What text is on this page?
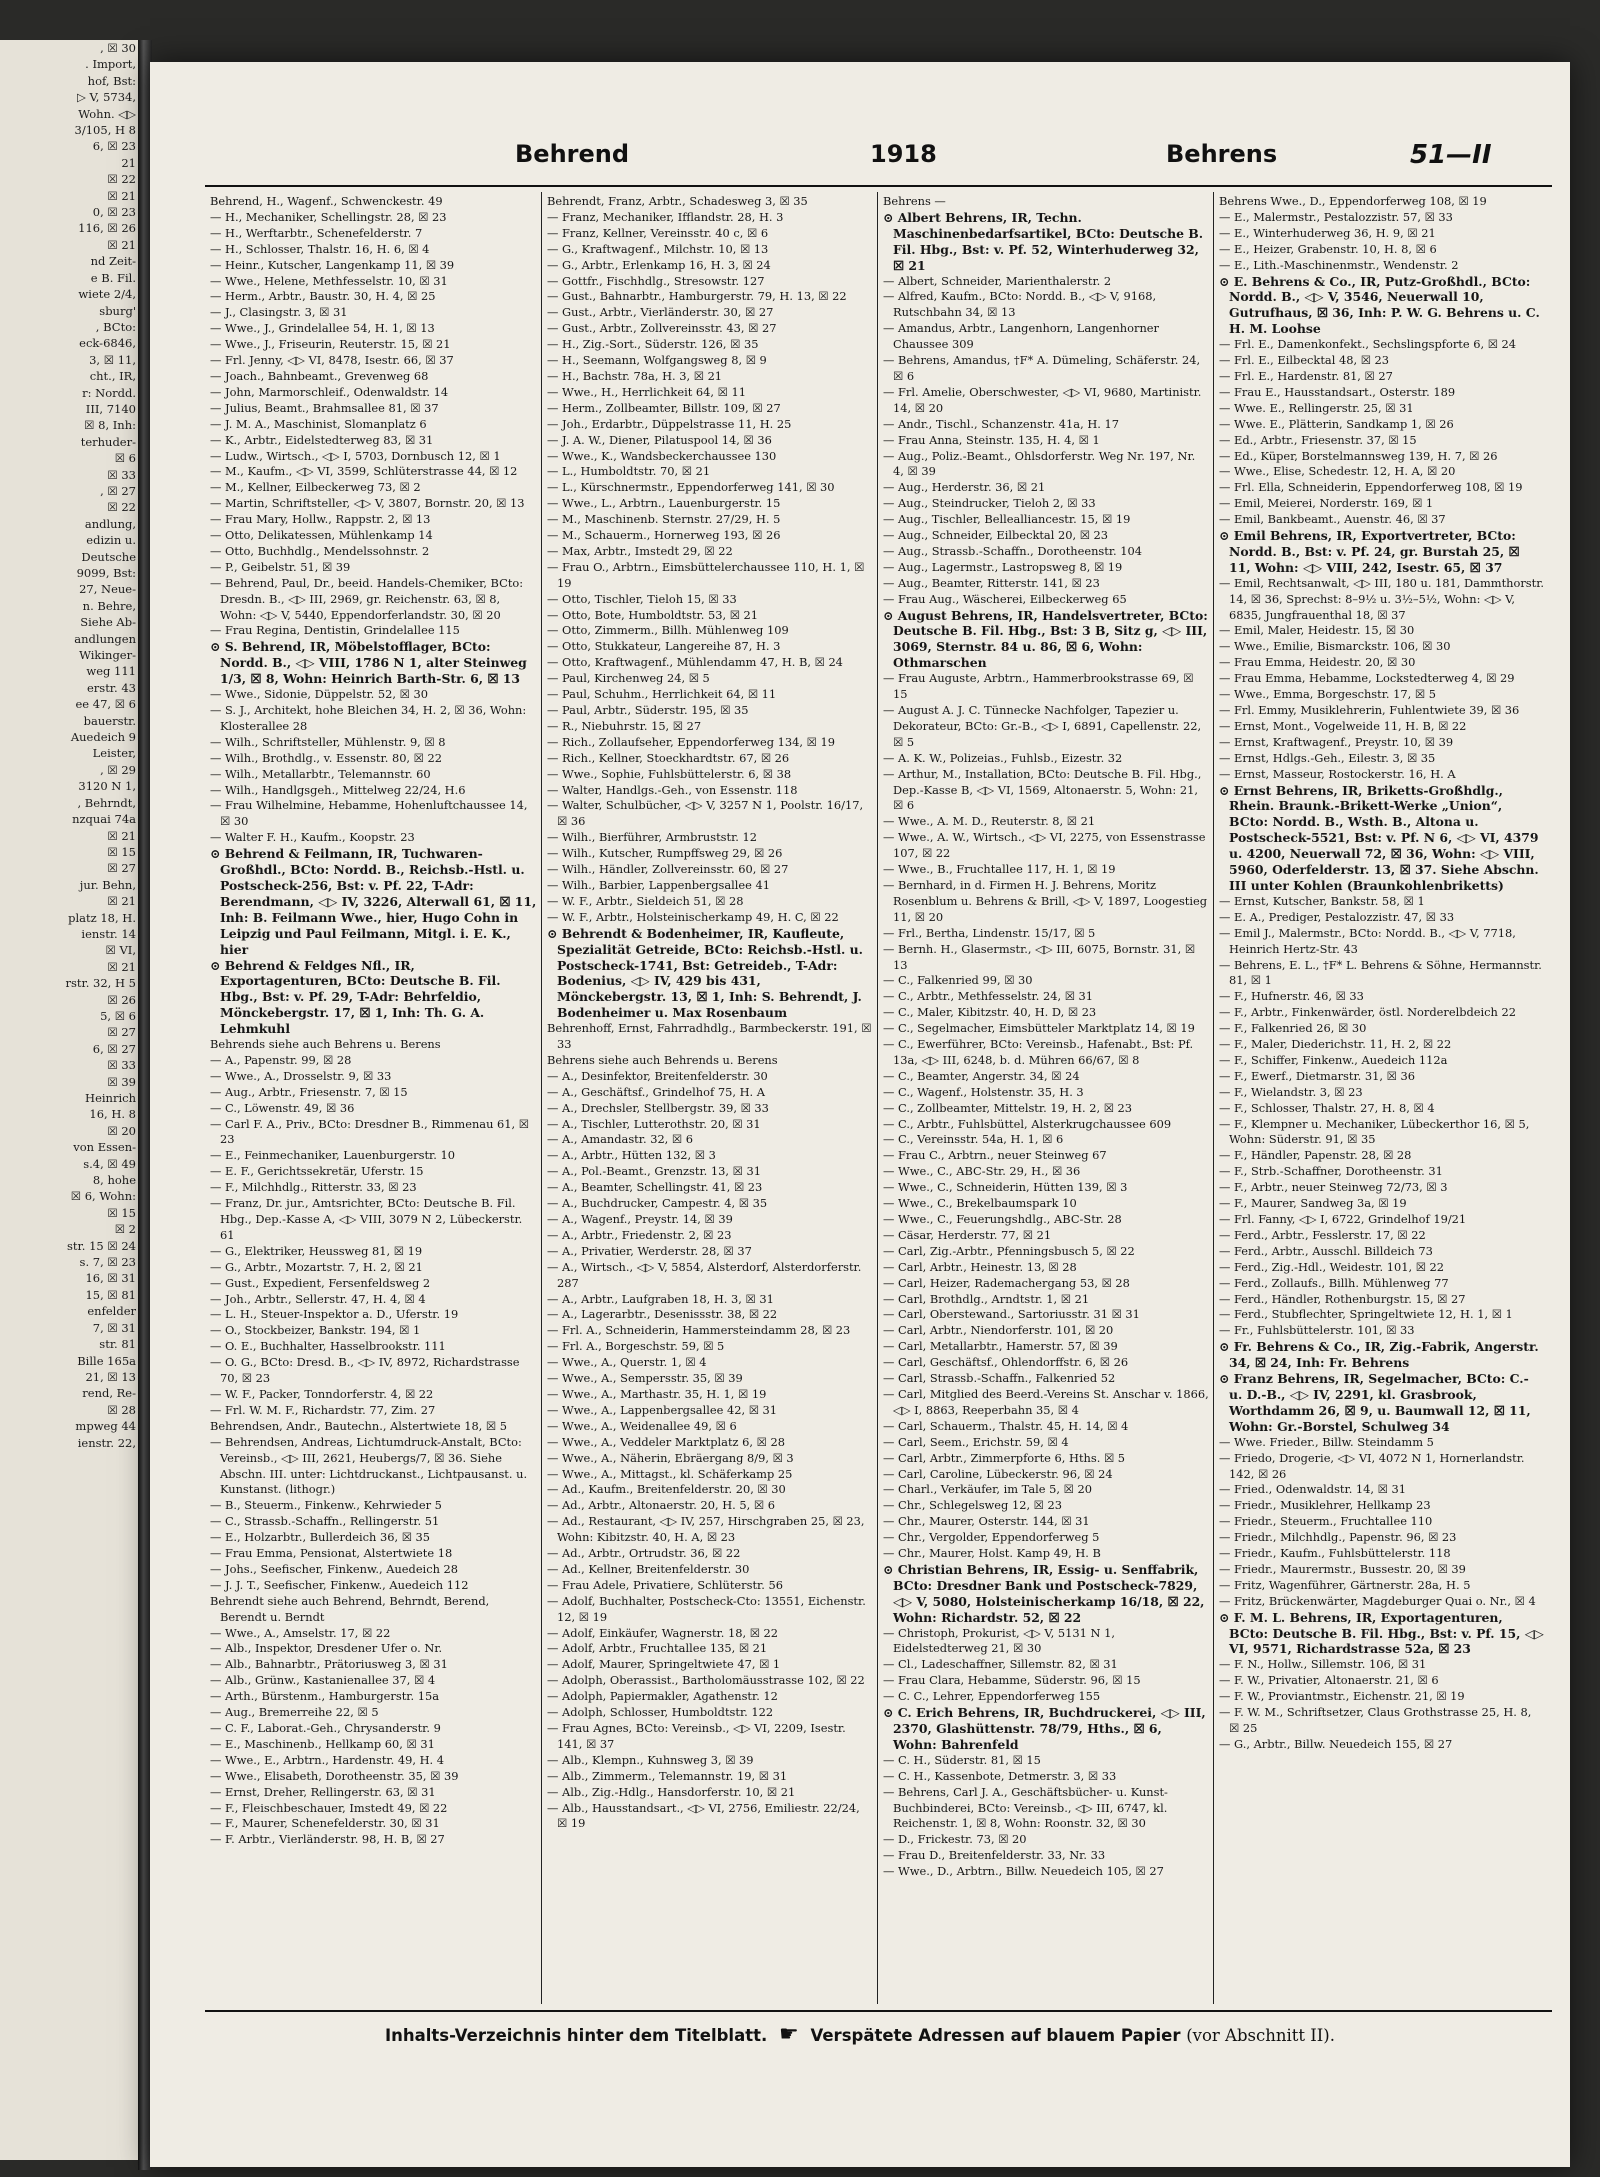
, ☒ 30
. Import,
hof, Bst:
▷ V, 5734,
Wohn. ◁▷
3/105, H 8
6, ☒ 23
21
☒ 22
☒ 21
0, ☒ 23
116, ☒ 26
☒ 21
nd Zeit-
e B. Fil.
wiete 2/4,
sburg'
, BCto:
eck-6846,
3, ☒ 11,
cht., IR,
r: Nordd.
III, 7140
☒ 8, Inh:
terhuder-
☒ 6
☒ 33
, ☒ 27
☒ 22
andlung,
edizin u.
Deutsche
9099, Bst:
27, Neue-
n. Behre,
Siehe Ab-
andlungen
Wikinger-
weg 111
erstr. 43
ee 47, ☒ 6
bauerstr.
Auedeich 9
Leister,
, ☒ 29
3120 N 1,
, Behrndt,
nzquai 74a
☒ 21
☒ 15
☒ 27
jur. Behn,
☒ 21
platz 18, H.
ienstr. 14
☒ VI,
☒ 21
rstr. 32, H 5
☒ 26
5, ☒ 6
☒ 27
6, ☒ 27
☒ 33
☒ 39
Heinrich
16, H. 8
☒ 20
von Essen-
s.4, ☒ 49
8, hohe
☒ 6, Wohn:
☒ 15
☒ 2
str. 15 ☒ 24
s. 7, ☒ 23
16, ☒ 31
15, ☒ 81
enfelder
7, ☒ 31
str. 81
Bille 165a
21, ☒ 13
rend, Re-
☒ 28
mpweg 44
ienstr. 22,
Behrend	1918	Behrens	51—II
Behrend, H., Wagenf., Schwenckestr. 49
— H., Mechaniker, Schellingstr. 28, ☒ 23
— H., Werftarbtr., Schenefelderstr. 7
— H., Schlosser, Thalstr. 16, H. 6, ☒ 4
— Heinr., Kutscher, Langenkamp 11, ☒ 39
— Wwe., Helene, Methfesselstr. 10, ☒ 31
— Herm., Arbtr., Baustr. 30, H. 4, ☒ 25
— J., Clasingstr. 3, ☒ 31
— Wwe., J., Grindelallee 54, H. 1, ☒ 13
— Wwe., J., Friseurin, Reuterstr. 15, ☒ 21
— Frl. Jenny, ◁▷ VI, 8478, Isestr. 66, ☒ 37
— Joach., Bahnbeamt., Grevenweg 68
— John, Marmorschleif., Odenwaldstr. 14
— Julius, Beamt., Brahmsallee 81, ☒ 37
— J. M. A., Maschinist, Slomanplatz 6
— K., Arbtr., Eidelstedterweg 83, ☒ 31
— Ludw., Wirtsch., ◁▷ I, 5703, Dornbusch 12, ☒ 1
— M., Kaufm., ◁▷ VI, 3599, Schlüterstrasse 44, ☒ 12
— M., Kellner, Eilbeckerweg 73, ☒ 2
— Martin, Schriftsteller, ◁▷ V, 3807, Bornstr. 20, ☒ 13
— Frau Mary, Hollw., Rappstr. 2, ☒ 13
— Otto, Delikatessen, Mühlenkamp 14
— Otto, Buchhdlg., Mendelssohnstr. 2
— P., Geibelstr. 51, ☒ 39
— Behrend, Paul, Dr., beeid. Handels-Chemiker, BCto: Dresdn. B., ◁▷ III, 2969, gr. Reichenstr. 63, ☒ 8, Wohn: ◁▷ V, 5440, Eppendorferlandstr. 30, ☒ 20
— Frau Regina, Dentistin, Grindelallee 115
⊙ S. Behrend, IR, Möbelstofflager, BCto: Nordd. B., ◁▷ VIII, 1786 N 1, alter Steinweg 1/3, ☒ 8, Wohn: Heinrich Barth-Str. 6, ☒ 13
— Wwe., Sidonie, Düppelstr. 52, ☒ 30
— S. J., Architekt, hohe Bleichen 34, H. 2, ☒ 36, Wohn: Klosterallee 28
— Wilh., Schriftsteller, Mühlenstr. 9, ☒ 8
— Wilh., Brothdlg., v. Essenstr. 80, ☒ 22
— Wilh., Metallarbtr., Telemannstr. 60
— Wilh., Handlgsgeh., Mittelweg 22/24, H.6
— Frau Wilhelmine, Hebamme, Hohenluftchaussee 14, ☒ 30
— Walter F. H., Kaufm., Koopstr. 23
⊙ Behrend & Feilmann, IR, Tuchwaren-Großhdl., BCto: Nordd. B., Reichsb.-Hstl. u. Postscheck-256, Bst: v. Pf. 22, T-Adr: Berendmann, ◁▷ IV, 3226, Alterwall 61, ☒ 11, Inh: B. Feilmann Wwe., hier, Hugo Cohn in Leipzig und Paul Feilmann, Mitgl. i. E. K., hier
⊙ Behrend & Feldges Nfl., IR, Exportagenturen, BCto: Deutsche B. Fil. Hbg., Bst: v. Pf. 29, T-Adr: Behrfeldio, Mönckebergstr. 17, ☒ 1, Inh: Th. G. A. Lehmkuhl
Behrends siehe auch Behrens u. Berens
— A., Papenstr. 99, ☒ 28
— Wwe., A., Drosselstr. 9, ☒ 33
— Aug., Arbtr., Friesenstr. 7, ☒ 15
— C., Löwenstr. 49, ☒ 36
— Carl F. A., Priv., BCto: Dresdner B., Rimmenau 61, ☒ 23
— E., Feinmechaniker, Lauenburgerstr. 10
— E. F., Gerichtssekretär, Uferstr. 15
— F., Milchhdlg., Ritterstr. 33, ☒ 23
— Franz, Dr. jur., Amtsrichter, BCto: Deutsche B. Fil. Hbg., Dep.-Kasse A, ◁▷ VIII, 3079 N 2, Lübeckerstr. 61
— G., Elektriker, Heussweg 81, ☒ 19
— G., Arbtr., Mozartstr. 7, H. 2, ☒ 21
— Gust., Expedient, Fersenfeldsweg 2
— Joh., Arbtr., Sellerstr. 47, H. 4, ☒ 4
— L. H., Steuer-Inspektor a. D., Uferstr. 19
— O., Stockbeizer, Bankstr. 194, ☒ 1
— O. E., Buchhalter, Hasselbrookstr. 111
— O. G., BCto: Dresd. B., ◁▷ IV, 8972, Richardstrasse 70, ☒ 23
— W. F., Packer, Tonndorferstr. 4, ☒ 22
— Frl. W. M. F., Richardstr. 77, Zim. 27
Behrendsen, Andr., Bautechn., Alstertwiete 18, ☒ 5
— Behrendsen, Andreas, Lichtumdruck-Anstalt, BCto: Vereinsb., ◁▷ III, 2621, Heubergs/7, ☒ 36. Siehe Abschn. III. unter: Lichtdruckanst., Lichtpausanst. u. Kunstanst. (lithogr.)
— B., Steuerm., Finkenw., Kehrwieder 5
— C., Strassb.-Schaffn., Rellingerstr. 51
— E., Holzarbtr., Bullerdeich 36, ☒ 35
— Frau Emma, Pensionat, Alstertwiete 18
— Johs., Seefischer, Finkenw., Auedeich 28
— J. J. T., Seefischer, Finkenw., Auedeich 112
Behrendt siehe auch Behrend, Behrndt, Berend, Berendt u. Berndt
— Wwe., A., Amselstr. 17, ☒ 22
— Alb., Inspektor, Dresdener Ufer o. Nr.
— Alb., Bahnarbtr., Prätoriusweg 3, ☒ 31
— Alb., Grünw., Kastanienallee 37, ☒ 4
— Arth., Bürstenm., Hamburgerstr. 15a
— Aug., Bremerreihe 22, ☒ 5
— C. F., Laborat.-Geh., Chrysanderstr. 9
— E., Maschinenb., Hellkamp 60, ☒ 31
— Wwe., E., Arbtrn., Hardenstr. 49, H. 4
— Wwe., Elisabeth, Dorotheenstr. 35, ☒ 39
— Ernst, Dreher, Rellingerstr. 63, ☒ 31
— F., Fleischbeschauer, Imstedt 49, ☒ 22
— F., Maurer, Schenefelderstr. 30, ☒ 31
— F. Arbtr., Vierländerstr. 98, H. B, ☒ 27
Behrendt, Franz, Arbtr., Schadesweg 3, ☒ 35
— Franz, Mechaniker, Ifflandstr. 28, H. 3
— Franz, Kellner, Vereinsstr. 40 c, ☒ 6
— G., Kraftwagenf., Milchstr. 10, ☒ 13
— G., Arbtr., Erlenkamp 16, H. 3, ☒ 24
— Gottfr., Fischhdlg., Stresowstr. 127
— Gust., Bahnarbtr., Hamburgerstr. 79, H. 13, ☒ 22
— Gust., Arbtr., Vierländerstr. 30, ☒ 27
— Gust., Arbtr., Zollvereinsstr. 43, ☒ 27
— H., Zig.-Sort., Süderstr. 126, ☒ 35
— H., Seemann, Wolfgangsweg 8, ☒ 9
— H., Bachstr. 78a, H. 3, ☒ 21
— Wwe., H., Herrlichkeit 64, ☒ 11
— Herm., Zollbeamter, Billstr. 109, ☒ 27
— Joh., Erdarbtr., Düppelstrasse 11, H. 25
— J. A. W., Diener, Pilatuspool 14, ☒ 36
— Wwe., K., Wandsbeckerchaussee 130
— L., Humboldtstr. 70, ☒ 21
— L., Kürschnermstr., Eppendorferweg 141, ☒ 30
— Wwe., L., Arbtrn., Lauenburgerstr. 15
— M., Maschinenb. Sternstr. 27/29, H. 5
— M., Schauerm., Hornerweg 193, ☒ 26
— Max, Arbtr., Imstedt 29, ☒ 22
— Frau O., Arbtrn., Eimsbüttelerchaussee 110, H. 1, ☒ 19
— Otto, Tischler, Tieloh 15, ☒ 33
— Otto, Bote, Humboldtstr. 53, ☒ 21
— Otto, Zimmerm., Billh. Mühlenweg 109
— Otto, Stukkateur, Langereihe 87, H. 3
— Otto, Kraftwagenf., Mühlendamm 47, H. B, ☒ 24
— Paul, Kirchenweg 24, ☒ 5
— Paul, Schuhm., Herrlichkeit 64, ☒ 11
— Paul, Arbtr., Süderstr. 195, ☒ 35
— R., Niebuhrstr. 15, ☒ 27
— Rich., Zollaufseher, Eppendorferweg 134, ☒ 19
— Rich., Kellner, Stoeckhardtstr. 67, ☒ 26
— Wwe., Sophie, Fuhlsbüttelerstr. 6, ☒ 38
— Walter, Handlgs.-Geh., von Essenstr. 118
— Walter, Schulbücher, ◁▷ V, 3257 N 1, Poolstr. 16/17, ☒ 36
— Wilh., Bierführer, Armbruststr. 12
— Wilh., Kutscher, Rumpffsweg 29, ☒ 26
— Wilh., Händler, Zollvereinsstr. 60, ☒ 27
— Wilh., Barbier, Lappenbergsallee 41
— W. F., Arbtr., Sieldeich 51, ☒ 28
— W. F., Arbtr., Holsteinischerkamp 49, H. C, ☒ 22
⊙ Behrendt & Bodenheimer, IR, Kaufleute, Spezialität Getreide, BCto: Reichsb.-Hstl. u. Postscheck-1741, Bst: Getreideb., T-Adr: Bodenius, ◁▷ IV, 429 bis 431, Mönckebergstr. 13, ☒ 1, Inh: S. Behrendt, J. Bodenheimer u. Max Rosenbaum
Behrenhoff, Ernst, Fahrradhdlg., Barmbeckerstr. 191, ☒ 33
Behrens siehe auch Behrends u. Berens
— A., Desinfektor, Breitenfelderstr. 30
— A., Geschäftsf., Grindelhof 75, H. A
— A., Drechsler, Stellbergstr. 39, ☒ 33
— A., Tischler, Lutterothstr. 20, ☒ 31
— A., Amandastr. 32, ☒ 6
— A., Arbtr., Hütten 132, ☒ 3
— A., Pol.-Beamt., Grenzstr. 13, ☒ 31
— A., Beamter, Schellingstr. 41, ☒ 23
— A., Buchdrucker, Campestr. 4, ☒ 35
— A., Wagenf., Preystr. 14, ☒ 39
— A., Arbtr., Friedenstr. 2, ☒ 23
— A., Privatier, Werderstr. 28, ☒ 37
— A., Wirtsch., ◁▷ V, 5854, Alsterdorf, Alsterdorferstr. 287
— A., Arbtr., Laufgraben 18, H. 3, ☒ 31
— A., Lagerarbtr., Desenissstr. 38, ☒ 22
— Frl. A., Schneiderin, Hammersteindamm 28, ☒ 23
— Frl. A., Borgeschstr. 59, ☒ 5
— Wwe., A., Querstr. 1, ☒ 4
— Wwe., A., Sempersstr. 35, ☒ 39
— Wwe., A., Marthastr. 35, H. 1, ☒ 19
— Wwe., A., Lappenbergsallee 42, ☒ 31
— Wwe., A., Weidenallee 49, ☒ 6
— Wwe., A., Veddeler Marktplatz 6, ☒ 28
— Wwe., A., Näherin, Ebräergang 8/9, ☒ 3
— Wwe., A., Mittagst., kl. Schäferkamp 25
— Ad., Kaufm., Breitenfelderstr. 20, ☒ 30
— Ad., Arbtr., Altonaerstr. 20, H. 5, ☒ 6
— Ad., Restaurant, ◁▷ IV, 257, Hirschgraben 25, ☒ 23, Wohn: Kibitzstr. 40, H. A, ☒ 23
— Ad., Arbtr., Ortrudstr. 36, ☒ 22
— Ad., Kellner, Breitenfelderstr. 30
— Frau Adele, Privatiere, Schlüterstr. 56
— Adolf, Buchhalter, Postscheck-Cto: 13551, Eichenstr. 12, ☒ 19
— Adolf, Einkäufer, Wagnerstr. 18, ☒ 22
— Adolf, Arbtr., Fruchtallee 135, ☒ 21
— Adolf, Maurer, Springeltwiete 47, ☒ 1
— Adolph, Oberassist., Bartholomäusstrasse 102, ☒ 22
— Adolph, Papiermakler, Agathenstr. 12
— Adolph, Schlosser, Humboldtstr. 122
— Frau Agnes, BCto: Vereinsb., ◁▷ VI, 2209, Isestr. 141, ☒ 37
— Alb., Klempn., Kuhnsweg 3, ☒ 39
— Alb., Zimmerm., Telemannstr. 19, ☒ 31
— Alb., Zig.-Hdlg., Hansdorferstr. 10, ☒ 21
— Alb., Hausstandsart., ◁▷ VI, 2756, Emiliestr. 22/24, ☒ 19
Behrens —
⊙ Albert Behrens, IR, Techn. Maschinenbedarfsartikel, BCto: Deutsche B. Fil. Hbg., Bst: v. Pf. 52, Winterhuderweg 32, ☒ 21
— Albert, Schneider, Marienthalerstr. 2
— Alfred, Kaufm., BCto: Nordd. B., ◁▷ V, 9168, Rutschbahn 34, ☒ 13
— Amandus, Arbtr., Langenhorn, Langenhorner Chaussee 309
— Behrens, Amandus, †F* A. Dümeling, Schäferstr. 24, ☒ 6
— Frl. Amelie, Oberschwester, ◁▷ VI, 9680, Martinistr. 14, ☒ 20
— Andr., Tischl., Schanzenstr. 41a, H. 17
— Frau Anna, Steinstr. 135, H. 4, ☒ 1
— Aug., Poliz.-Beamt., Ohlsdorferstr. Weg Nr. 197, Nr. 4, ☒ 39
— Aug., Herderstr. 36, ☒ 21
— Aug., Steindrucker, Tieloh 2, ☒ 33
— Aug., Tischler, Bellealliancestr. 15, ☒ 19
— Aug., Schneider, Eilbecktal 20, ☒ 23
— Aug., Strassb.-Schaffn., Dorotheenstr. 104
— Aug., Lagermstr., Lastropsweg 8, ☒ 19
— Aug., Beamter, Ritterstr. 141, ☒ 23
— Frau Aug., Wäscherei, Eilbeckerweg 65
⊙ August Behrens, IR, Handelsvertreter, BCto: Deutsche B. Fil. Hbg., Bst: 3 B, Sitz g, ◁▷ III, 3069, Sternstr. 84 u. 86, ☒ 6, Wohn: Othmarschen
— Frau Auguste, Arbtrn., Hammerbrookstrasse 69, ☒ 15
— August A. J. C. Tünnecke Nachfolger, Tapezier u. Dekorateur, BCto: Gr.-B., ◁▷ I, 6891, Capellenstr. 22, ☒ 5
— A. K. W., Polizeias., Fuhlsb., Eizestr. 32
— Arthur, M., Installation, BCto: Deutsche B. Fil. Hbg., Dep.-Kasse B, ◁▷ VI, 1569, Altonaerstr. 5, Wohn: 21, ☒ 6
— Wwe., A. M. D., Reuterstr. 8, ☒ 21
— Wwe., A. W., Wirtsch., ◁▷ VI, 2275, von Essenstrasse 107, ☒ 22
— Wwe., B., Fruchtallee 117, H. 1, ☒ 19
— Bernhard, in d. Firmen H. J. Behrens, Moritz Rosenblum u. Behrens & Brill, ◁▷ V, 1897, Loogestieg 11, ☒ 20
— Frl., Bertha, Lindenstr. 15/17, ☒ 5
— Bernh. H., Glasermstr., ◁▷ III, 6075, Bornstr. 31, ☒ 13
— C., Falkenried 99, ☒ 30
— C., Arbtr., Methfesselstr. 24, ☒ 31
— C., Maler, Kibitzstr. 40, H. D, ☒ 23
— C., Segelmacher, Eimsbütteler Marktplatz 14, ☒ 19
— C., Ewerführer, BCto: Vereinsb., Hafenabt., Bst: Pf. 13a, ◁▷ III, 6248, b. d. Mühren 66/67, ☒ 8
— C., Beamter, Angerstr. 34, ☒ 24
— C., Wagenf., Holstenstr. 35, H. 3
— C., Zollbeamter, Mittelstr. 19, H. 2, ☒ 23
— C., Arbtr., Fuhlsbüttel, Alsterkrugchaussee 609
— C., Vereinsstr. 54a, H. 1, ☒ 6
— Frau C., Arbtrn., neuer Steinweg 67
— Wwe., C., ABC-Str. 29, H., ☒ 36
— Wwe., C., Schneiderin, Hütten 139, ☒ 3
— Wwe., C., Brekelbaumspark 10
— Wwe., C., Feuerungshdlg., ABC-Str. 28
— Cäsar, Herderstr. 77, ☒ 21
— Carl, Zig.-Arbtr., Pfenningsbusch 5, ☒ 22
— Carl, Arbtr., Heinestr. 13, ☒ 28
— Carl, Heizer, Rademachergang 53, ☒ 28
— Carl, Brothdlg., Arndtstr. 1, ☒ 21
— Carl, Oberstewand., Sartoriusstr. 31 ☒ 31
— Carl, Arbtr., Niendorferstr. 101, ☒ 20
— Carl, Metallarbtr., Hamerstr. 57, ☒ 39
— Carl, Geschäftsf., Ohlendorffstr. 6, ☒ 26
— Carl, Strassb.-Schaffn., Falkenried 52
— Carl, Mitglied des Beerd.-Vereins St. Anschar v. 1866, ◁▷ I, 8863, Reeperbahn 35, ☒ 4
— Carl, Schauerm., Thalstr. 45, H. 14, ☒ 4
— Carl, Seem., Erichstr. 59, ☒ 4
— Carl, Arbtr., Zimmerpforte 6, Hths. ☒ 5
— Carl, Caroline, Lübeckerstr. 96, ☒ 24
— Charl., Verkäufer, im Tale 5, ☒ 20
— Chr., Schlegelsweg 12, ☒ 23
— Chr., Maurer, Osterstr. 144, ☒ 31
— Chr., Vergolder, Eppendorferweg 5
— Chr., Maurer, Holst. Kamp 49, H. B
⊙ Christian Behrens, IR, Essig- u. Senffabrik, BCto: Dresdner Bank und Postscheck-7829, ◁▷ V, 5080, Holsteinischerkamp 16/18, ☒ 22, Wohn: Richardstr. 52, ☒ 22
— Christoph, Prokurist, ◁▷ V, 5131 N 1, Eidelstedterweg 21, ☒ 30
— Cl., Ladeschaffner, Sillemstr. 82, ☒ 31
— Frau Clara, Hebamme, Süderstr. 96, ☒ 15
— C. C., Lehrer, Eppendorferweg 155
⊙ C. Erich Behrens, IR, Buchdruckerei, ◁▷ III, 2370, Glashüttenstr. 78/79, Hths., ☒ 6, Wohn: Bahrenfeld
— C. H., Süderstr. 81, ☒ 15
— C. H., Kassenbote, Detmerstr. 3, ☒ 33
— Behrens, Carl J. A., Geschäftsbücher- u. Kunst-Buchbinderei, BCto: Vereinsb., ◁▷ III, 6747, kl. Reichenstr. 1, ☒ 8, Wohn: Roonstr. 32, ☒ 30
— D., Frickestr. 73, ☒ 20
— Frau D., Breitenfelderstr. 33, Nr. 33
— Wwe., D., Arbtrn., Billw. Neuedeich 105, ☒ 27
Behrens Wwe., D., Eppendorferweg 108, ☒ 19
— E., Malermstr., Pestalozzistr. 57, ☒ 33
— E., Winterhuderweg 36, H. 9, ☒ 21
— E., Heizer, Grabenstr. 10, H. 8, ☒ 6
— E., Lith.-Maschinenmstr., Wendenstr. 2
⊙ E. Behrens & Co., IR, Putz-Großhdl., BCto: Nordd. B., ◁▷ V, 3546, Neuerwall 10, Gutrufhaus, ☒ 36, Inh: P. W. G. Behrens u. C. H. M. Loohse
— Frl. E., Damenkonfekt., Sechslingspforte 6, ☒ 24
— Frl. E., Eilbecktal 48, ☒ 23
— Frl. E., Hardenstr. 81, ☒ 27
— Frau E., Hausstandsart., Osterstr. 189
— Wwe. E., Rellingerstr. 25, ☒ 31
— Wwe. E., Plätterin, Sandkamp 1, ☒ 26
— Ed., Arbtr., Friesenstr. 37, ☒ 15
— Ed., Küper, Borstelmannsweg 139, H. 7, ☒ 26
— Wwe., Elise, Schedestr. 12, H. A, ☒ 20
— Frl. Ella, Schneiderin, Eppendorferweg 108, ☒ 19
— Emil, Meierei, Norderstr. 169, ☒ 1
— Emil, Bankbeamt., Auenstr. 46, ☒ 37
⊙ Emil Behrens, IR, Exportvertreter, BCto: Nordd. B., Bst: v. Pf. 24, gr. Burstah 25, ☒ 11, Wohn: ◁▷ VIII, 242, Isestr. 65, ☒ 37
— Emil, Rechtsanwalt, ◁▷ III, 180 u. 181, Dammthorstr. 14, ☒ 36, Sprechst: 8–9½ u. 3½–5½, Wohn: ◁▷ V, 6835, Jungfrauenthal 18, ☒ 37
— Emil, Maler, Heidestr. 15, ☒ 30
— Wwe., Emilie, Bismarckstr. 106, ☒ 30
— Frau Emma, Heidestr. 20, ☒ 30
— Frau Emma, Hebamme, Lockstedterweg 4, ☒ 29
— Wwe., Emma, Borgeschstr. 17, ☒ 5
— Frl. Emmy, Musiklehrerin, Fuhlentwiete 39, ☒ 36
— Ernst, Mont., Vogelweide 11, H. B, ☒ 22
— Ernst, Kraftwagenf., Preystr. 10, ☒ 39
— Ernst, Hdlgs.-Geh., Eilestr. 3, ☒ 35
— Ernst, Masseur, Rostockerstr. 16, H. A
⊙ Ernst Behrens, IR, Briketts-Großhdlg., Rhein. Braunk.-Brikett-Werke „Union“, BCto: Nordd. B., Wsth. B., Altona u. Postscheck-5521, Bst: v. Pf. N 6, ◁▷ VI, 4379 u. 4200, Neuerwall 72, ☒ 36, Wohn: ◁▷ VIII, 5960, Oderfelderstr. 13, ☒ 37. Siehe Abschn. III unter Kohlen (Braunkohlenbriketts)
— Ernst, Kutscher, Bankstr. 58, ☒ 1
— E. A., Prediger, Pestalozzistr. 47, ☒ 33
— Emil J., Malermstr., BCto: Nordd. B., ◁▷ V, 7718, Heinrich Hertz-Str. 43
— Behrens, E. L., †F* L. Behrens & Söhne, Hermannstr. 81, ☒ 1
— F., Hufnerstr. 46, ☒ 33
— F., Arbtr., Finkenwärder, östl. Norderelbdeich 22
— F., Falkenried 26, ☒ 30
— F., Maler, Diederichstr. 11, H. 2, ☒ 22
— F., Schiffer, Finkenw., Auedeich 112a
— F., Ewerf., Dietmarstr. 31, ☒ 36
— F., Wielandstr. 3, ☒ 23
— F., Schlosser, Thalstr. 27, H. 8, ☒ 4
— F., Klempner u. Mechaniker, Lübeckerthor 16, ☒ 5, Wohn: Süderstr. 91, ☒ 35
— F., Händler, Papenstr. 28, ☒ 28
— F., Strb.-Schaffner, Dorotheenstr. 31
— F., Arbtr., neuer Steinweg 72/73, ☒ 3
— F., Maurer, Sandweg 3a, ☒ 19
— Frl. Fanny, ◁▷ I, 6722, Grindelhof 19/21
— Ferd., Arbtr., Fesslerstr. 17, ☒ 22
— Ferd., Arbtr., Ausschl. Billdeich 73
— Ferd., Zig.-Hdl., Weidestr. 101, ☒ 22
— Ferd., Zollaufs., Billh. Mühlenweg 77
— Ferd., Händler, Rothenburgstr. 15, ☒ 27
— Ferd., Stubflechter, Springeltwiete 12, H. 1, ☒ 1
— Fr., Fuhlsbüttelerstr. 101, ☒ 33
⊙ Fr. Behrens & Co., IR, Zig.-Fabrik, Angerstr. 34, ☒ 24, Inh: Fr. Behrens
⊙ Franz Behrens, IR, Segelmacher, BCto: C.- u. D.-B., ◁▷ IV, 2291, kl. Grasbrook, Worthdamm 26, ☒ 9, u. Baumwall 12, ☒ 11, Wohn: Gr.-Borstel, Schulweg 34
— Wwe. Frieder., Billw. Steindamm 5
— Friedo, Drogerie, ◁▷ VI, 4072 N 1, Hornerlandstr. 142, ☒ 26
— Fried., Odenwaldstr. 14, ☒ 31
— Friedr., Musiklehrer, Hellkamp 23
— Friedr., Steuerm., Fruchtallee 110
— Friedr., Milchhdlg., Papenstr. 96, ☒ 23
— Friedr., Kaufm., Fuhlsbüttelerstr. 118
— Friedr., Maurermstr., Bussestr. 20, ☒ 39
— Fritz, Wagenführer, Gärtnerstr. 28a, H. 5
— Fritz, Brückenwärter, Magdeburger Quai o. Nr., ☒ 4
⊙ F. M. L. Behrens, IR, Exportagenturen, BCto: Deutsche B. Fil. Hbg., Bst: v. Pf. 15, ◁▷ VI, 9571, Richardstrasse 52a, ☒ 23
— F. N., Hollw., Sillemstr. 106, ☒ 31
— F. W., Privatier, Altonaerstr. 21, ☒ 6
— F. W., Proviantmstr., Eichenstr. 21, ☒ 19
— F. W. M., Schriftsetzer, Claus Grothstrasse 25, H. 8, ☒ 25
— G., Arbtr., Billw. Neuedeich 155, ☒ 27
Inhalts-Verzeichnis hinter dem Titelblatt. ☛ Verspätete Adressen auf blauem Papier (vor Abschnitt II).
